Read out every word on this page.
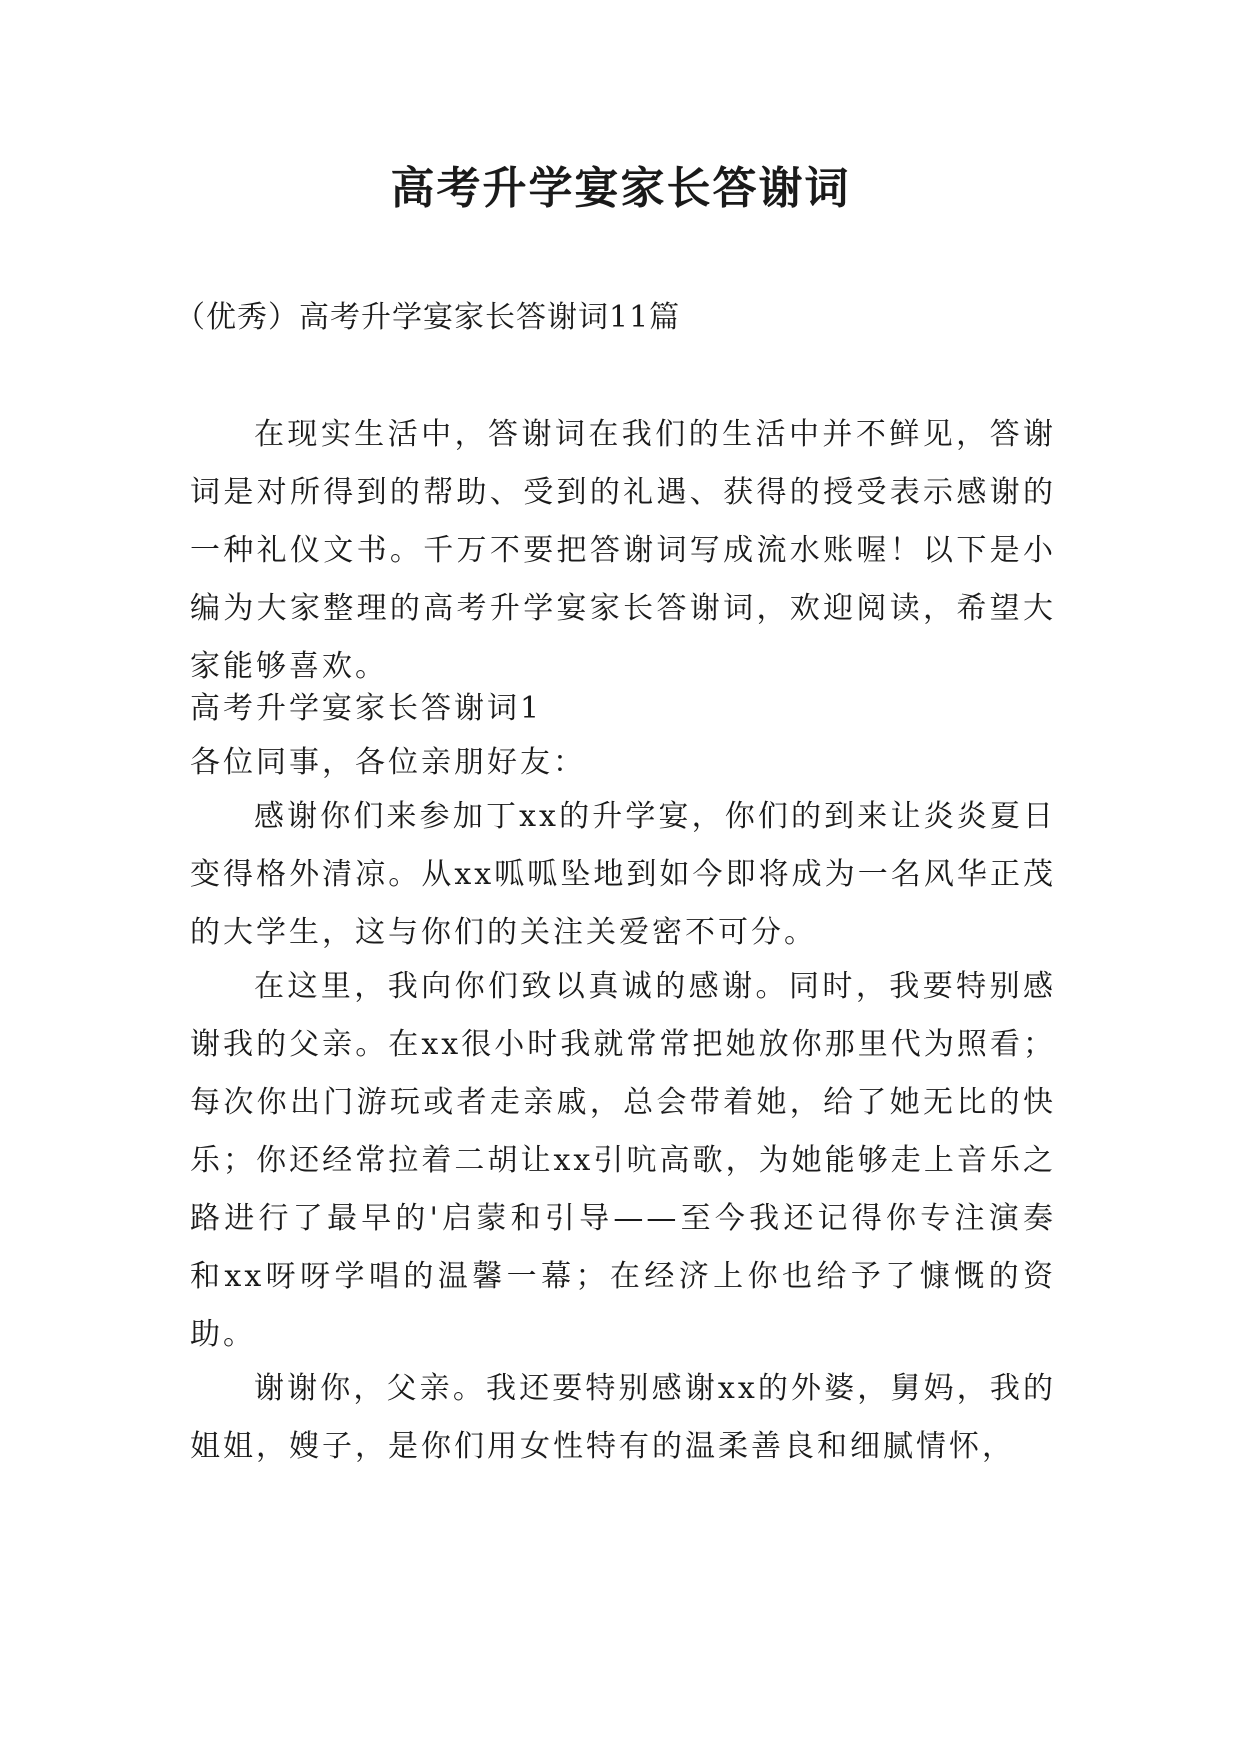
高考升学宴家长答谢词

（优秀）高考升学宴家长答谢词11篇

在现实生活中，答谢词在我们的生活中并不鲜见，答谢词是对所得到的帮助、受到的礼遇、获得的授受表示感谢的一种礼仪文书。千万不要把答谢词写成流水账喔！以下是小编为大家整理的高考升学宴家长答谢词，欢迎阅读，希望大家能够喜欢。

高考升学宴家长答谢词1

各位同事，各位亲朋好友：

感谢你们来参加丁xx的升学宴，你们的到来让炎炎夏日变得格外清凉。从xx呱呱坠地到如今即将成为一名风华正茂的大学生，这与你们的关注关爱密不可分。

在这里，我向你们致以真诚的感谢。同时，我要特别感谢我的父亲。在xx很小时我就常常把她放你那里代为照看；每次你出门游玩或者走亲戚，总会带着她，给了她无比的快乐；你还经常拉着二胡让xx引吭高歌，为她能够走上音乐之路进行了最早的'启蒙和引导——至今我还记得你专注演奏和xx呀呀学唱的温馨一幕；在经济上你也给予了慷慨的资助。

谢谢你，父亲。我还要特别感谢xx的外婆，舅妈，我的姐姐，嫂子，是你们用女性特有的温柔善良和细腻情怀，
